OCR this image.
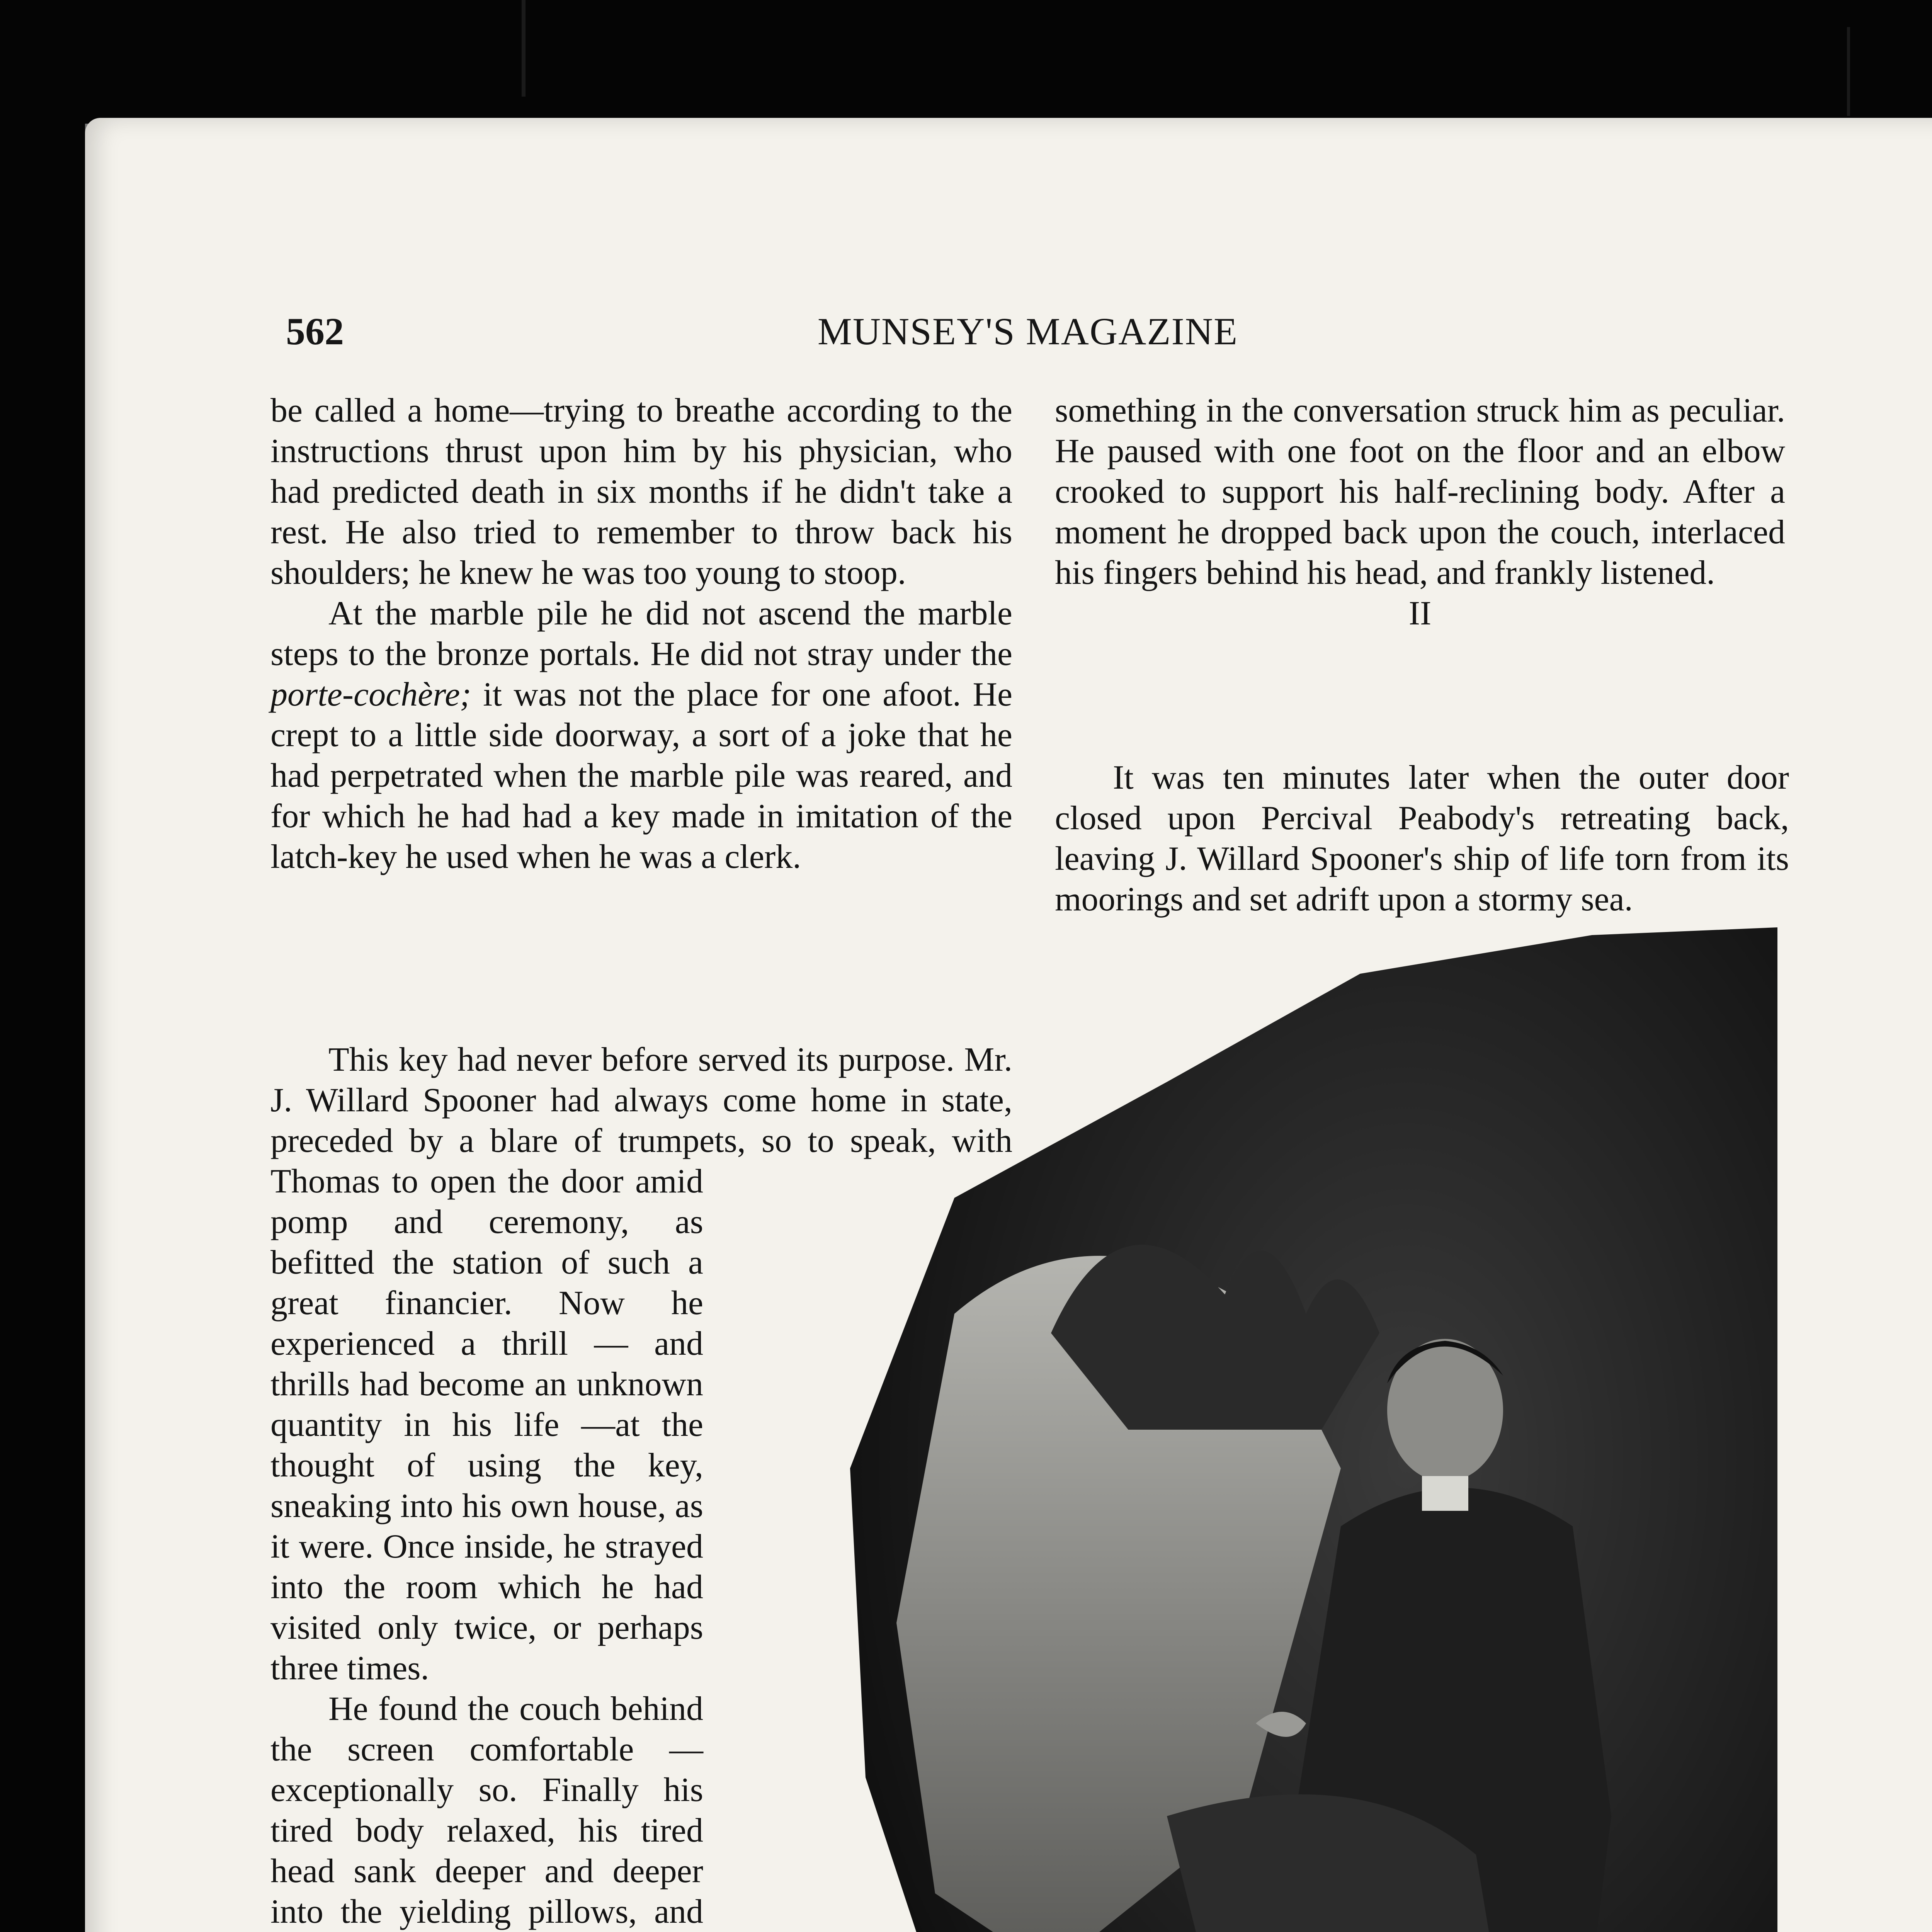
562	MUNSEY'S MAGAZINE

be called a home—trying to breathe according to the instructions thrust upon him by his physician, who had predicted death in six months if he didn't take a rest. He also tried to remember to throw back his shoulders; he knew he was too young to stoop.

At the marble pile he did not ascend the marble steps to the bronze portals. He did not stray under the porte-cochère; it was not the place for one afoot. He crept to a little side doorway, a sort of a joke that he had perpetrated when the marble pile was reared, and for which he had had a key made in imitation of the latch-key he used when he was a clerk.

This key had never before served its purpose. Mr. J. Willard Spooner had always come home in state, preceded by a blare of trumpets, so to speak, with Thomas to open the door amid pomp and ceremony, as befitted the station of such a great financier. Now he experienced a thrill — and thrills had become an unknown quantity in his life —at the thought of using the key, sneaking into his own house, as it were. Once inside, he strayed into the room which he had visited only twice, or perhaps three times.

He found the couch behind the screen comfortable — exceptionally so. Finally his tired body relaxed, his tired head sank deeper and deeper into the yielding pillows, and

something in the conversation struck him as peculiar. He paused with one foot on the floor and an elbow crooked to support his half-reclining body. After a moment he dropped back upon the couch, interlaced his fingers behind his head, and frankly listened.

II

It was ten minutes later when the outer door closed upon Percival Peabody's retreating back, leaving J. Willard Spooner's ship of life torn from its moorings and set adrift upon a stormy sea.
